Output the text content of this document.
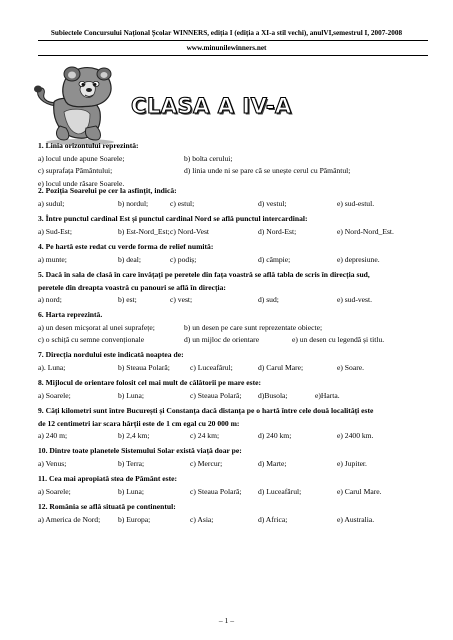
Subiectele Concursului Național Școlar WINNERS, ediția I (ediția a XI-a stil vechi), anulVI,semestrul I, 2007-2008
www.minunilewinners.net
CLASA A IV-A
1. Linia orizontului reprezintă:
a) locul unde apune Soarele;	b) bolta cerului;
c) suprafața Pământului;	d) linia unde ni se pare că se unește cerul cu Pământul;
e) locul unde răsare Soarele.
2. Poziția Soarelui pe cer la asfințit, indică:
a) sudul;	b) nordul;	c) estul;	d) vestul;	e) sud-estul.
3. Între punctul cardinal Est și punctul cardinal Nord se află punctul intercardinal:
a) Sud-Est;	b) Est-Nord_Est; c) Nord-Vest	d) Nord-Est;	e) Nord-Nord_Est.
4. Pe hartă este redat cu verde forma de relief numită:
a) munte;	b) deal;	c) podiș;	d) câmpie;	e) depresiune.
5. Dacă în sala de clasă în care învățați pe peretele din fața voastră se află tabla de scris în direcția sud,
peretele din dreapta voastră cu panouri se află în direcția:
a) nord;	b) est;	c) vest;	d) sud;	e) sud-vest.
6. Harta reprezintă.
a) un desen micșorat al unei suprafețe;	b) un desen pe care sunt reprezentate obiecte;
c) o schiță cu semne convenționale	d) un mijloc de orientare	e) un desen cu legendă și titlu.
7. Direcția nordului este indicată noaptea de:
a). Luna;	b) Steaua Polară;	c) Luceafărul;	d) Carul Mare;	e) Soare.
8. Mijlocul de orientare folosit cel mai mult de călătorii pe mare este:
a) Soarele;	b) Luna;	c) Steaua Polară; d)Busola;	e)Harta.
9. Câți kilometri sunt între București și Constanța dacă distanța pe o hartă între cele două localități este
de 12 centimetri iar scara hărții este de 1 cm egal cu 20 000 m:
a) 240 m;	b) 2,4 km;	c) 24 km;	d) 240 km;	e) 2400 km.
10. Dintre toate planetele Sistemului Solar există viață doar pe:
a) Venus;	b) Terra;	c) Mercur;	d) Marte;	e) Jupiter.
11. Cea mai apropiată stea de Pământ este:
a) Soarele;	b) Luna;	c) Steaua Polară; d) Luceafărul;	e) Carul Mare.
12. România se află situată pe continentul:
a) America de Nord; b) Europa;	c) Asia;	d) Africa;	e) Australia.
– 1 –
